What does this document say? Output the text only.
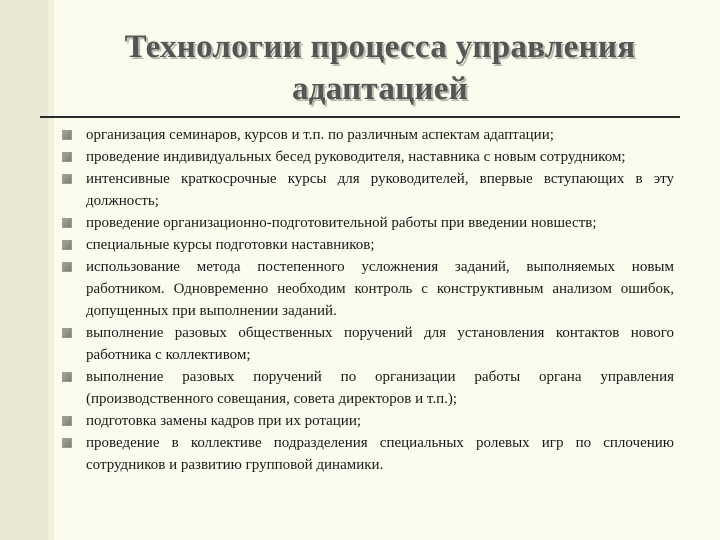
Технологии процесса управления
адаптацией
организация семинаров, курсов и т.п. по различным аспектам адаптации;
проведение индивидуальных бесед руководителя, наставника с новым сотрудником;
интенсивные краткосрочные курсы для руководителей, впервые вступающих в эту должность;
проведение организационно-подготовительной работы при введении новшеств;
специальные курсы подготовки наставников;
использование метода постепенного усложнения заданий, выполняемых новым работником. Одновременно необходим контроль с конструктивным анализом ошибок, допущенных при выполнении заданий.
выполнение разовых общественных поручений для установления контактов нового работника с коллективом;
выполнение разовых поручений по организации работы органа управления (производственного совещания, совета директоров и т.п.);
подготовка замены кадров при их ротации;
проведение в коллективе подразделения специальных ролевых игр по сплочению сотрудников и развитию групповой динамики.
